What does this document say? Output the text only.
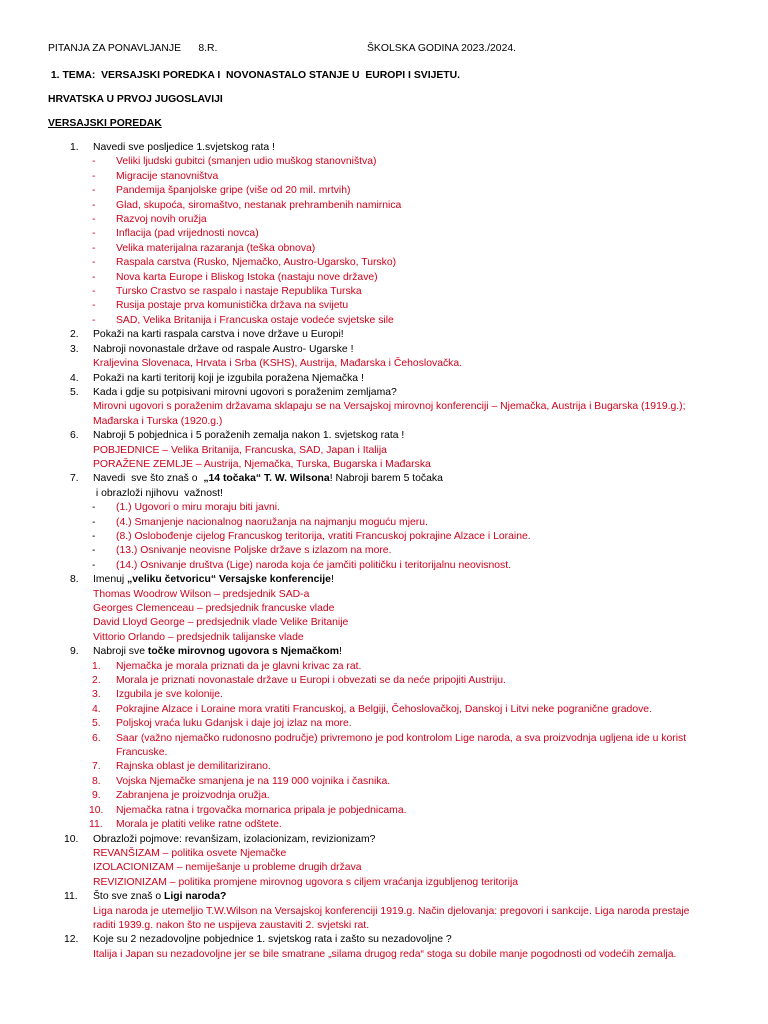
PITANJA ZA PONAVLJANJE      8.R.	ŠKOLSKA GODINA 2023./2024.
1. TEMA:  VERSAJSKI POREDKA I  NOVONASTALO STANJE U  EUROPI I SVIJETU.
HRVATSKA U PRVOJ JUGOSLAVIJI
VERSAJSKI POREDAK
1. Navedi sve posljedice 1.svjetskog rata !
- Veliki ljudski gubitci (smanjen udio muškog stanovništva)
- Migracije stanovništva
- Pandemija španjolske gripe (više od 20 mil. mrtvih)
- Glad, skupoća, siromaštvo, nestanak prehrambenih namirnica
- Razvoj novih oružja
- Inflacija (pad vrijednosti novca)
- Velika materijalna razaranja (teška obnova)
- Raspala carstva (Rusko, Njemačko, Austro-Ugarsko, Tursko)
- Nova karta Europe i Bliskog Istoka (nastaju nove države)
- Tursko Crastvo se raspalo i nastaje Republika Turska
- Rusija postaje prva komunistička država na svijetu
- SAD, Velika Britanija i Francuska ostaje vodeće svjetske sile
2. Pokaži na karti raspala carstva i nove države u Europi!
3. Nabroji novonastale države od raspale Austro- Ugarske !
Kraljevina Slovenaca, Hrvata i Srba (KSHS), Austrija, Mađarska i Čehoslovačka.
4. Pokaži na karti teritorij koji je izgubila poražena Njemačka !
5. Kada i gdje su potpisivani mirovni ugovori s poraženim zemljama?
Mirovni ugovori s poraženim državama sklapaju se na Versajskoj mirovnoj konferenciji – Njemačka, Austrija i Bugarska (1919.g.);
Mađarska i Turska (1920.g.)
6. Nabroji 5 pobjednica i 5 poraženih zemalja nakon 1. svjetskog rata !
POBJEDNICE – Velika Britanija, Francuska, SAD, Japan i Italija
PORAŽENE ZEMLJE – Austrija, Njemačka, Turska, Bugarska i Mađarska
7. Navedi  sve što znaš o  „14 točaka“ T. W. Wilsona! Nabroji barem 5 točaka
i obrazloži njihovu  važnost!
- (1.) Ugovori o miru moraju biti javni.
- (4.) Smanjenje nacionalnog naoružanja na najmanju moguću mjeru.
- (8.) Oslobođenje cijelog Francuskog teritorija, vratiti Francuskoj pokrajine Alzace i Loraine.
- (13.) Osnivanje neovisne Poljske države s izlazom na more.
- (14.) Osnivanje društva (Lige) naroda koja će jamčiti političku i teritorijalnu neovisnost.
8. Imenuj „veliku četvoricu“ Versajske konferencije!
Thomas Woodrow Wilson – predsjednik SAD-a
Georges Clemenceau – predsjednik francuske vlade
David Lloyd George – predsjednik vlade Velike Britanije
Vittorio Orlando – predsjednik talijanske vlade
9. Nabroji sve točke mirovnog ugovora s Njemačkom!
1. Njemačka je morala priznati da je glavni krivac za rat.
2. Morala je priznati novonastale države u Europi i obvezati se da neće pripojiti Austriju.
3. Izgubila je sve kolonije.
4. Pokrajine Alzace i Loraine mora vratiti Francuskoj, a Belgiji, Čehoslovačkoj, Danskoj i Litvi neke pogranične gradove.
5. Poljskoj vraća luku Gdanjsk i daje joj izlaz na more.
6. Saar (važno njemačko rudonosno područje) privremono je pod kontrolom Lige naroda, a sva proizvodnja ugljena ide u korist
Francuske.
7. Rajnska oblast je demilitarizirano.
8. Vojska Njemačke smanjena je na 119 000 vojnika i časnika.
9. Zabranjena je proizvodnja oružja.
10. Njemačka ratna i trgovačka mornarica pripala je pobjednicama.
11. Morala je platiti velike ratne odštete.
10. Obrazloži pojmove: revanšizam, izolacionizam, revizionizam?
REVANŠIZAM – politika osvete Njemačke
IZOLACIONIZAM – nemiješanje u probleme drugih država
REVIZIONIZAM – politika promjene mirovnog ugovora s ciljem vraćanja izgubljenog teritorija
11. Što sve znaš o Ligi naroda?
Liga naroda je utemeljio T.W.Wilson na Versajskoj konferenciji 1919.g. Način djelovanja: pregovori i sankcije. Liga naroda prestaje
raditi 1939.g. nakon što ne uspijeva zaustaviti 2. svjetski rat.
12. Koje su 2 nezadovoljne pobjednice 1. svjetskog rata i zašto su nezadovoljne ?
Italija i Japan su nezadovoljne jer se bile smatrane „silama drugog reda“ stoga su dobile manje pogodnosti od vodećih zemalja.
